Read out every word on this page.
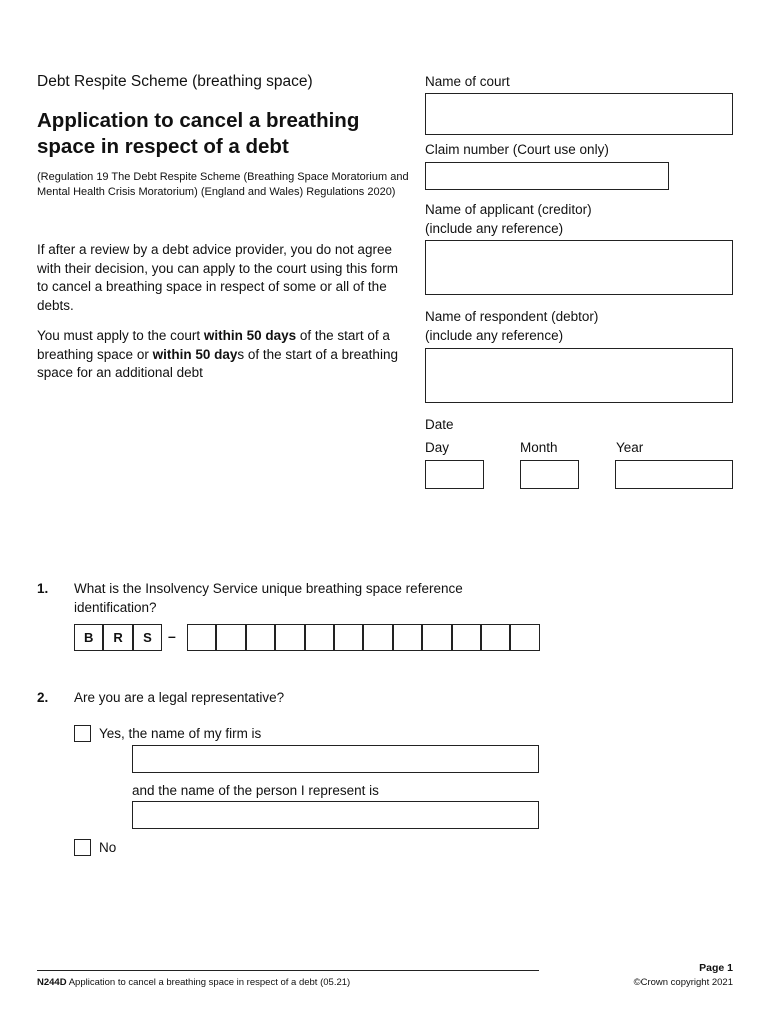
Debt Respite Scheme (breathing space)
Application to cancel a breathing space in respect of a debt
(Regulation 19 The Debt Respite Scheme (Breathing Space Moratorium and Mental Health Crisis Moratorium) (England and Wales) Regulations 2020)
If after a review by a debt advice provider, you do not agree with their decision, you can apply to the court using this form to cancel a breathing space in respect of some or all of the debts.
You must apply to the court within 50 days of the start of a breathing space or within 50 days of the start of a breathing space for an additional debt
Name of court
Claim number (Court use only)
Name of applicant (creditor)
(include any reference)
Name of respondent (debtor)
(include any reference)
Date
Day	Month	Year
1. What is the Insolvency Service unique breathing space reference identification?
B	R	S	–
2. Are you are a legal representative?
Yes, the name of my firm is
and the name of the person I represent is
No
N244D Application to cancel a breathing space in respect of a debt (05.21)
Page 1
©Crown copyright 2021
